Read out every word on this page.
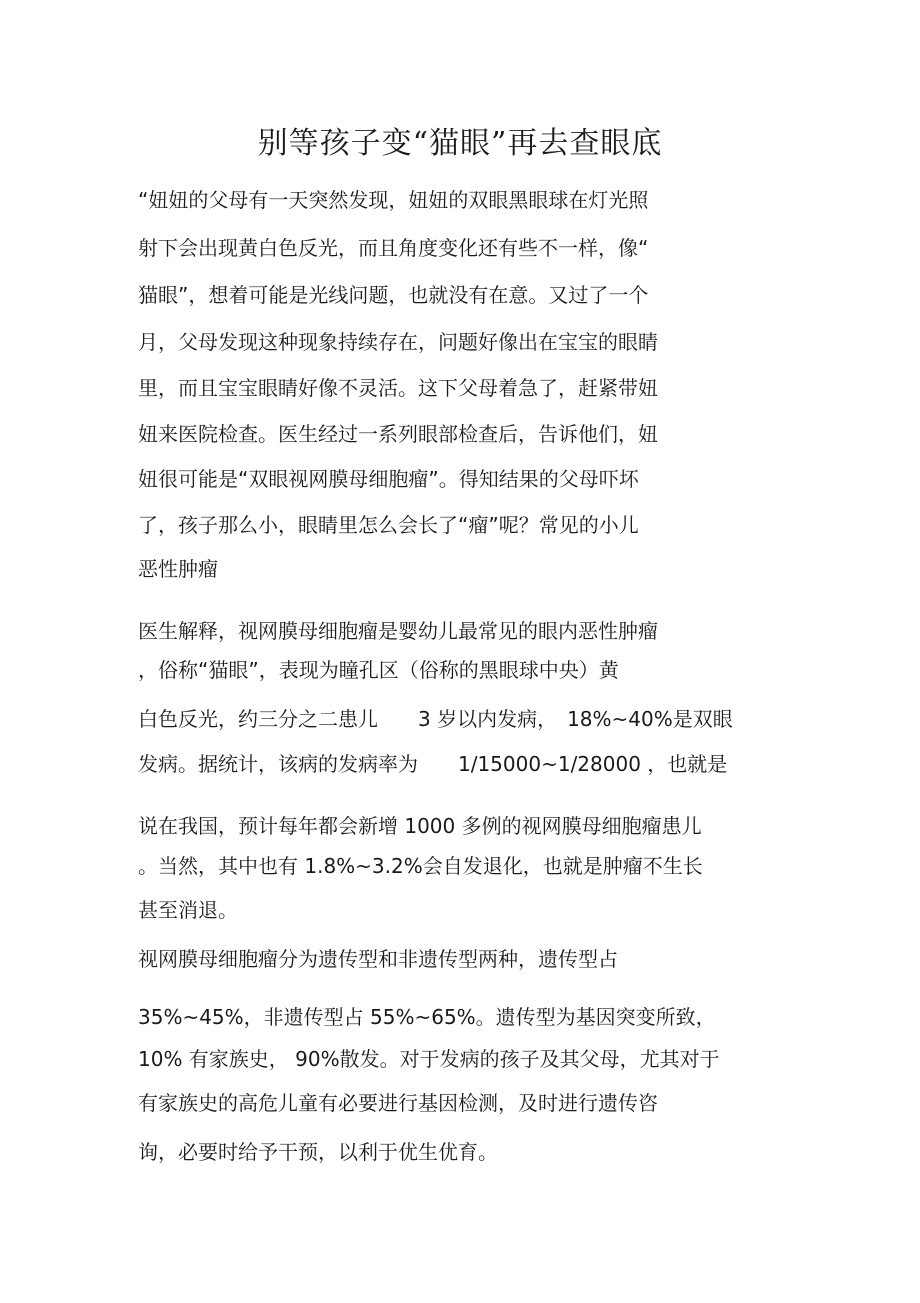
别等孩子变“猫眼”再去查眼底

“妞妞的父母有一天突然发现，妞妞的双眼黑眼球在灯光照

射下会出现黄白色反光，而且角度变化还有些不一样，像“

猫眼”，想着可能是光线问题，也就没有在意。又过了一个

月，父母发现这种现象持续存在，问题好像出在宝宝的眼睛

里，而且宝宝眼睛好像不灵活。这下父母着急了，赶紧带妞

妞来医院检查。医生经过一系列眼部检查后，告诉他们，妞

妞很可能是“双眼视网膜母细胞瘤”。得知结果的父母吓坏

了，孩子那么小，眼睛里怎么会长了“瘤”呢？常见的小儿

恶性肿瘤

医生解释，视网膜母细胞瘤是婴幼儿最常见的眼内恶性肿瘤

，俗称“猫眼”，表现为瞳孔区（俗称的黑眼球中央）黄

白色反光，约三分之二患儿　　3 岁以内发病，　18%~40%是双眼

发病。据统计，该病的发病率为　　1/15000~1/28000 ，也就是

说在我国，预计每年都会新增 1000 多例的视网膜母细胞瘤患儿

。当然，其中也有 1.8%~3.2%会自发退化，也就是肿瘤不生长

甚至消退。

视网膜母细胞瘤分为遗传型和非遗传型两种，遗传型占

35%~45%，非遗传型占 55%~65%。遗传型为基因突变所致，

10% 有家族史， 90%散发。对于发病的孩子及其父母，尤其对于

有家族史的高危儿童有必要进行基因检测，及时进行遗传咨

询，必要时给予干预，以利于优生优育。
